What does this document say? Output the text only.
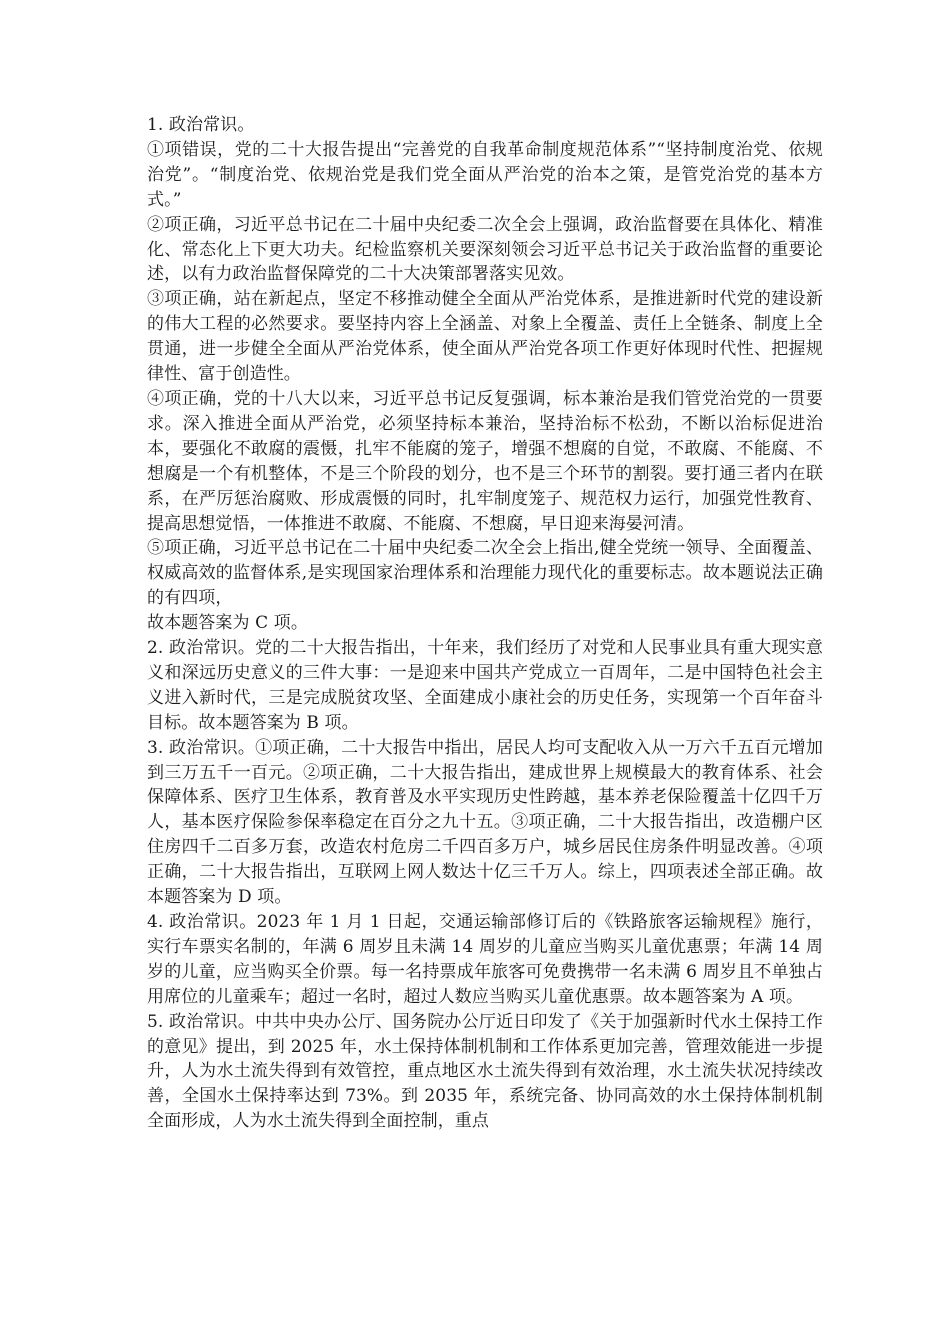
1. 政治常识。

①项错误，党的二十大报告提出“完善党的自我革命制度规范体系”“坚持制度治党、依规治党”。“制度治党、依规治党是我们党全面从严治党的治本之策，是管党治党的基本方式。”

②项正确，习近平总书记在二十届中央纪委二次全会上强调，政治监督要在具体化、精准化、常态化上下更大功夫。纪检监察机关要深刻领会习近平总书记关于政治监督的重要论述，以有力政治监督保障党的二十大决策部署落实见效。

③项正确，站在新起点，坚定不移推动健全全面从严治党体系，是推进新时代党的建设新的伟大工程的必然要求。要坚持内容上全涵盖、对象上全覆盖、责任上全链条、制度上全贯通，进一步健全全面从严治党体系，使全面从严治党各项工作更好体现时代性、把握规律性、富于创造性。

④项正确，党的十八大以来，习近平总书记反复强调，标本兼治是我们管党治党的一贯要求。深入推进全面从严治党，必须坚持标本兼治，坚持治标不松劲，不断以治标促进治本，要强化不敢腐的震慑，扎牢不能腐的笼子，增强不想腐的自觉，不敢腐、不能腐、不想腐是一个有机整体，不是三个阶段的划分，也不是三个环节的割裂。要打通三者内在联系，在严厉惩治腐败、形成震慑的同时，扎牢制度笼子、规范权力运行，加强党性教育、提高思想觉悟，一体推进不敢腐、不能腐、不想腐，早日迎来海晏河清。

⑤项正确，习近平总书记在二十届中央纪委二次全会上指出,健全党统一领导、全面覆盖、权威高效的监督体系,是实现国家治理体系和治理能力现代化的重要标志。故本题说法正确的有四项，

故本题答案为 C 项。

2. 政治常识。党的二十大报告指出，十年来，我们经历了对党和人民事业具有重大现实意义和深远历史意义的三件大事：一是迎来中国共产党成立一百周年，二是中国特色社会主义进入新时代，三是完成脱贫攻坚、全面建成小康社会的历史任务，实现第一个百年奋斗目标。故本题答案为 B 项。

3. 政治常识。①项正确，二十大报告中指出，居民人均可支配收入从一万六千五百元增加到三万五千一百元。②项正确，二十大报告指出，建成世界上规模最大的教育体系、社会保障体系、医疗卫生体系，教育普及水平实现历史性跨越，基本养老保险覆盖十亿四千万人，基本医疗保险参保率稳定在百分之九十五。③项正确，二十大报告指出，改造棚户区住房四千二百多万套，改造农村危房二千四百多万户，城乡居民住房条件明显改善。④项正确，二十大报告指出，互联网上网人数达十亿三千万人。综上，四项表述全部正确。故本题答案为 D 项。

4. 政治常识。2023 年 1 月 1 日起，交通运输部修订后的《铁路旅客运输规程》施行，实行车票实名制的，年满 6 周岁且未满 14 周岁的儿童应当购买儿童优惠票；年满 14 周岁的儿童，应当购买全价票。每一名持票成年旅客可免费携带一名未满 6 周岁且不单独占用席位的儿童乘车；超过一名时，超过人数应当购买儿童优惠票。故本题答案为 A 项。

5. 政治常识。中共中央办公厅、国务院办公厅近日印发了《关于加强新时代水土保持工作的意见》提出，到 2025 年，水土保持体制机制和工作体系更加完善，管理效能进一步提升，人为水土流失得到有效管控，重点地区水土流失得到有效治理，水土流失状况持续改善，全国水土保持率达到 73%。到 2035 年，系统完备、协同高效的水土保持体制机制全面形成，人为水土流失得到全面控制，重点
